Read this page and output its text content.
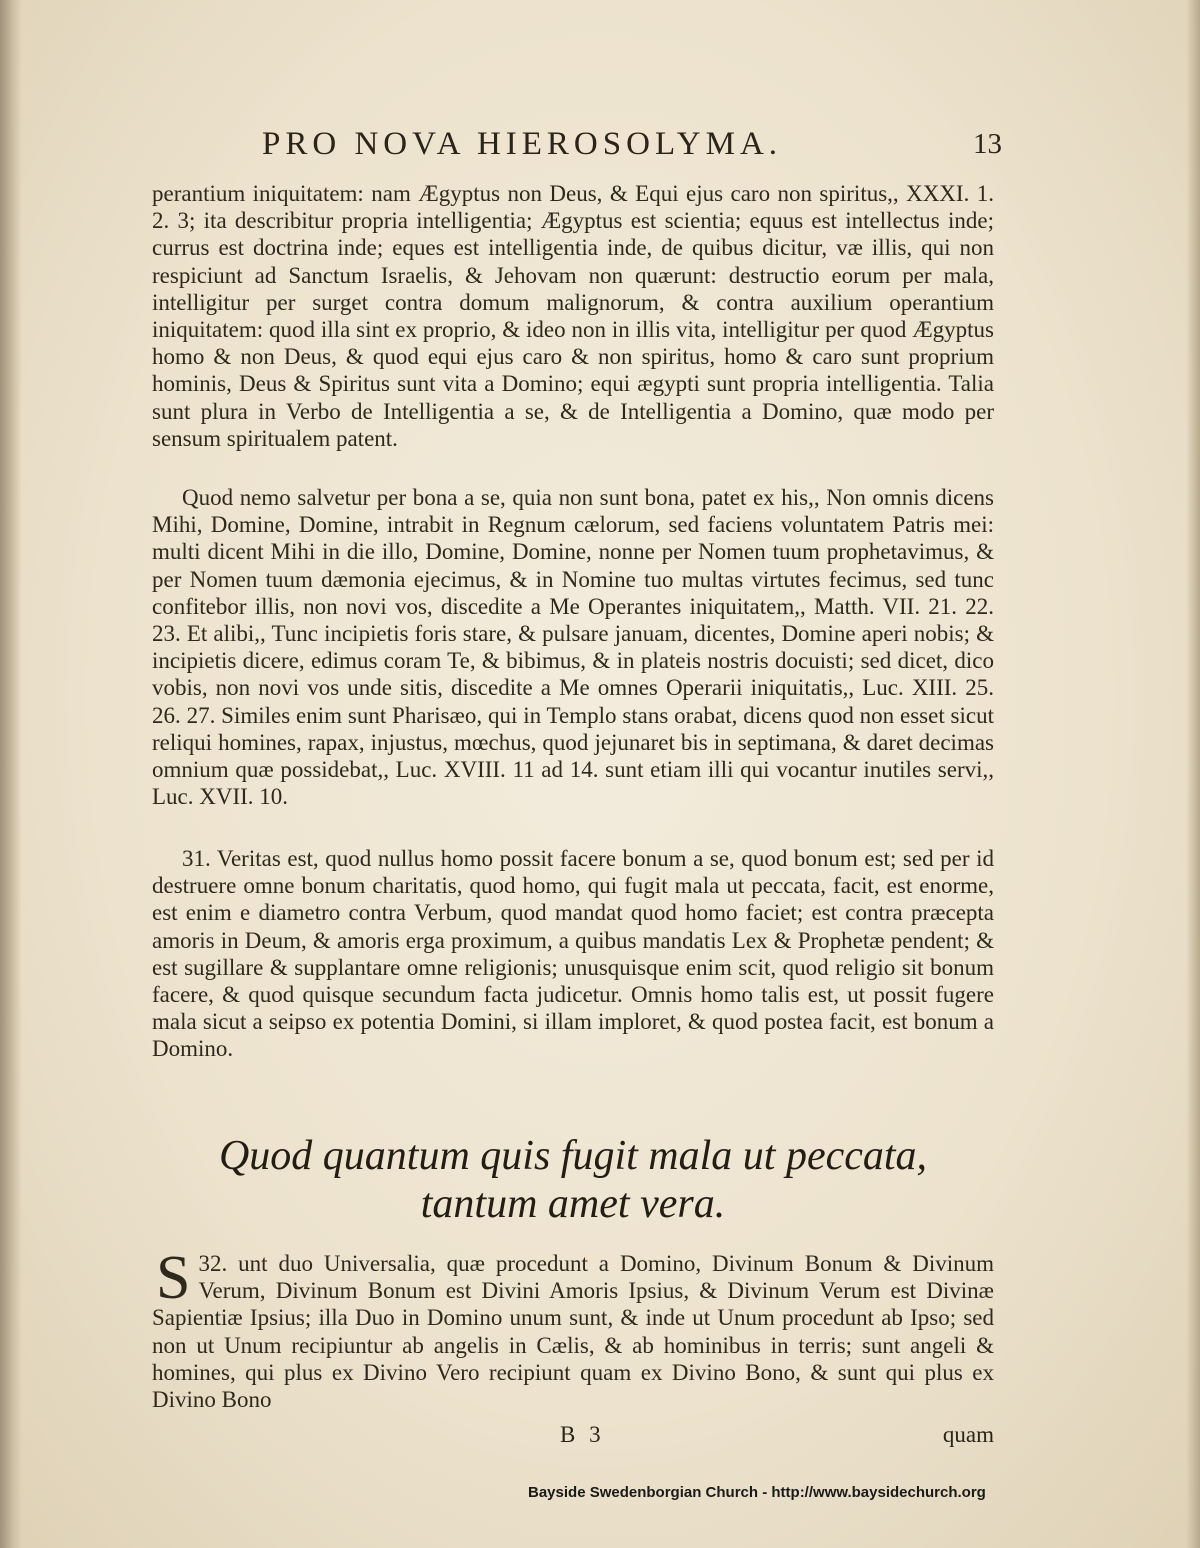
PRO NOVA HIEROSOLYMA.	13
perantium iniquitatem: nam Ægyptus non Deus, & Equi ejus caro non spiritus,, XXXI. 1. 2. 3; ita describitur propria intelligentia; Ægyptus est scientia; equus est intellectus inde; currus est doctrina inde; eques est intelligentia inde, de quibus dicitur, væ illis, qui non respiciunt ad Sanctum Israelis, & Jehovam non quærunt: destructio eorum per mala, intelligitur per surget contra domum malignorum, & contra auxilium operantium iniquitatem: quod illa sint ex proprio, & ideo non in illis vita, intelligitur per quod Ægyptus homo & non Deus, & quod equi ejus caro & non spiritus, homo & caro sunt proprium hominis, Deus & Spiritus sunt vita a Domino; equi ægypti sunt propria intelligentia. Talia sunt plura in Verbo de Intelligentia a se, & de Intelligentia a Domino, quæ modo per sensum spiritualem patent.
Quod nemo salvetur per bona a se, quia non sunt bona, patet ex his,, Non omnis dicens Mihi, Domine, Domine, intrabit in Regnum cælorum, sed faciens voluntatem Patris mei: multi dicent Mihi in die illo, Domine, Domine, nonne per Nomen tuum prophetavimus, & per Nomen tuum dæmonia ejecimus, & in Nomine tuo multas virtutes fecimus, sed tunc confitebor illis, non novi vos, discedite a Me Operantes iniquitatem,, Matth. VII. 21. 22. 23. Et alibi,, Tunc incipietis foris stare, & pulsare januam, dicentes, Domine aperi nobis; & incipietis dicere, edimus coram Te, & bibimus, & in plateis nostris docuisti; sed dicet, dico vobis, non novi vos unde sitis, discedite a Me omnes Operarii iniquitatis,, Luc. XIII. 25. 26. 27. Similes enim sunt Pharisæo, qui in Templo stans orabat, dicens quod non esset sicut reliqui homines, rapax, injustus, mœchus, quod jejunaret bis in septimana, & daret decimas omnium quæ possidebat,, Luc. XVIII. 11 ad 14. sunt etiam illi qui vocantur inutiles servi,, Luc. XVII. 10.
31. Veritas est, quod nullus homo possit facere bonum a se, quod bonum est; sed per id destruere omne bonum charitatis, quod homo, qui fugit mala ut peccata, facit, est enorme, est enim e diametro contra Verbum, quod mandat quod homo faciet; est contra præcepta amoris in Deum, & amoris erga proximum, a quibus mandatis Lex & Prophetæ pendent; & est sugillare & supplantare omne religionis; unusquisque enim scit, quod religio sit bonum facere, & quod quisque secundum facta judicetur. Omnis homo talis est, ut possit fugere mala sicut a seipso ex potentia Domini, si illam imploret, & quod postea facit, est bonum a Domino.
Quod quantum quis fugit mala ut peccata,
tantum amet vera.
32.
S unt duo Universalia, quæ procedunt a Domino, Divinum Bonum & Divinum Verum, Divinum Bonum est Divini Amoris Ipsius, & Divinum Verum est Divinæ Sapientiæ Ipsius; illa Duo in Domino unum sunt, & inde ut Unum procedunt ab Ipso; sed non ut Unum recipiuntur ab angelis in Cælis, & ab hominibus in terris; sunt angeli & homines, qui plus ex Divino Vero recipiunt quam ex Divino Bono, & sunt qui plus ex Divino Bono
B 3	quam
Bayside Swedenborgian Church - http://www.baysidechurch.org
